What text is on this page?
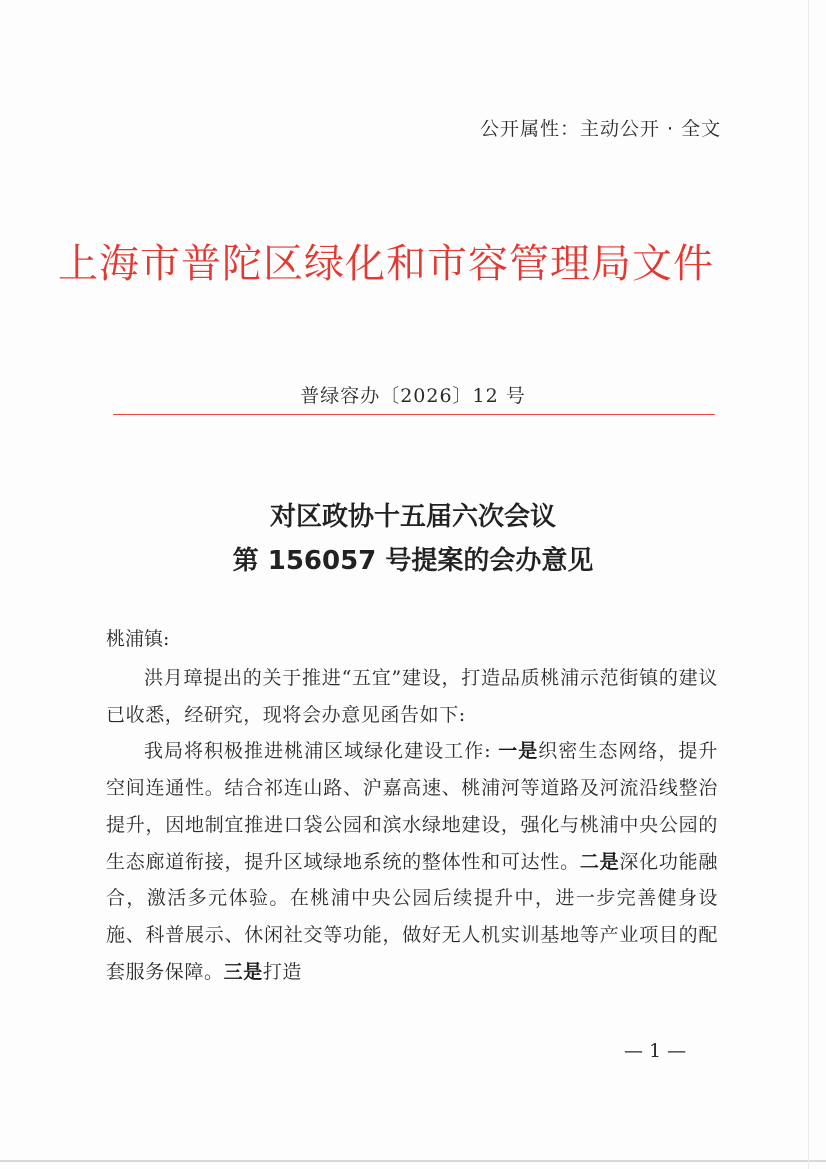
公开属性：主动公开 · 全文
上海市普陀区绿化和市容管理局文件
普绿容办〔2026〕12 号
对区政协十五届六次会议
第 156057 号提案的会办意见
桃浦镇:

洪月璋提出的关于推进“五宜”建设，打造品质桃浦示范街镇的建议已收悉，经研究，现将会办意见函告如下:

我局将积极推进桃浦区域绿化建设工作: 一是织密生态网络，提升空间连通性。结合祁连山路、沪嘉高速、桃浦河等道路及河流沿线整治提升，因地制宜推进口袋公园和滨水绿地建设，强化与桃浦中央公园的生态廊道衔接，提升区域绿地系统的整体性和可达性。二是深化功能融合，激活多元体验。在桃浦中央公园后续提升中，进一步完善健身设施、科普展示、休闲社交等功能，做好无人机实训基地等产业项目的配套服务保障。三是打造

— 1 —
